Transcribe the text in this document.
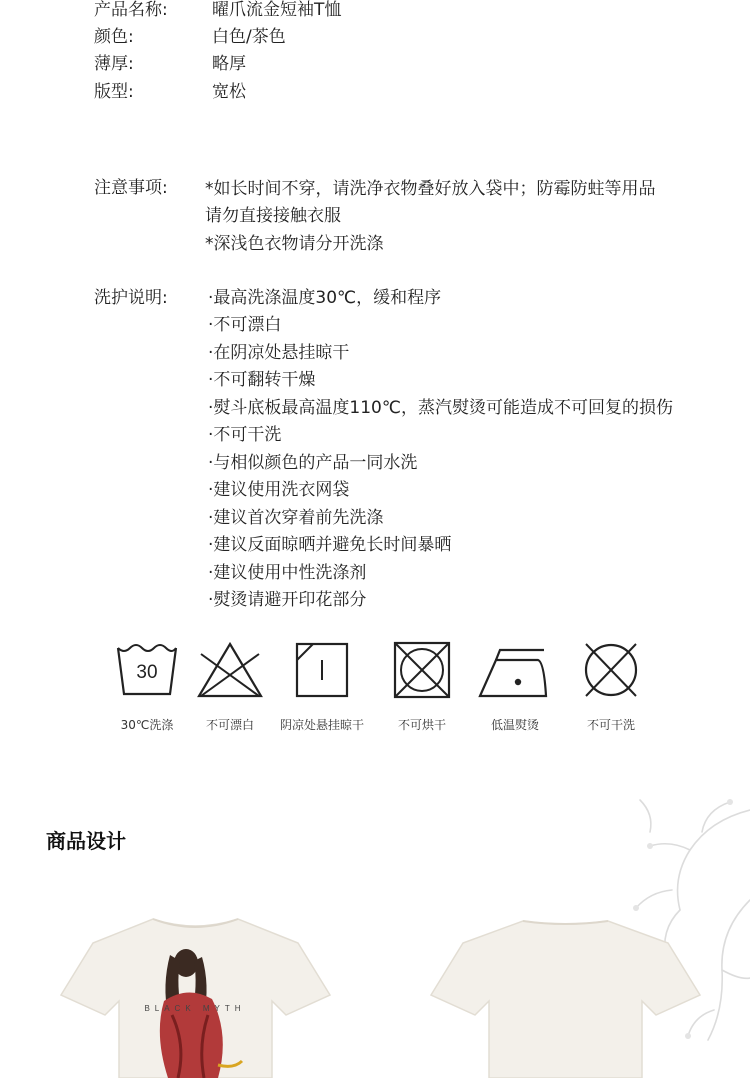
产品名称:	曜爪流金短袖T恤
颜色:	白色/茶色
薄厚:	略厚
版型:	宽松
注意事项: *如长时间不穿，请洗净衣物叠好放入袋中；防霉防蛀等用品
请勿直接接触衣服
*深浅色衣物请分开洗涤
洗护说明: ·最高洗涤温度30℃，缓和程序
·不可漂白
·在阴凉处悬挂晾干
·不可翻转干燥
·熨斗底板最高温度110℃，蒸汽熨烫可能造成不可回复的损伤
·不可干洗
·与相似颜色的产品一同水洗
·建议使用洗衣网袋
·建议首次穿着前先洗涤
·建议反面晾晒并避免长时间暴晒
·建议使用中性洗涤剂
·熨烫请避开印花部分
30
30℃洗涤	不可漂白	阴凉处悬挂晾干	不可烘干	低温熨烫	不可干洗
商品设计
BLACK MYTH
